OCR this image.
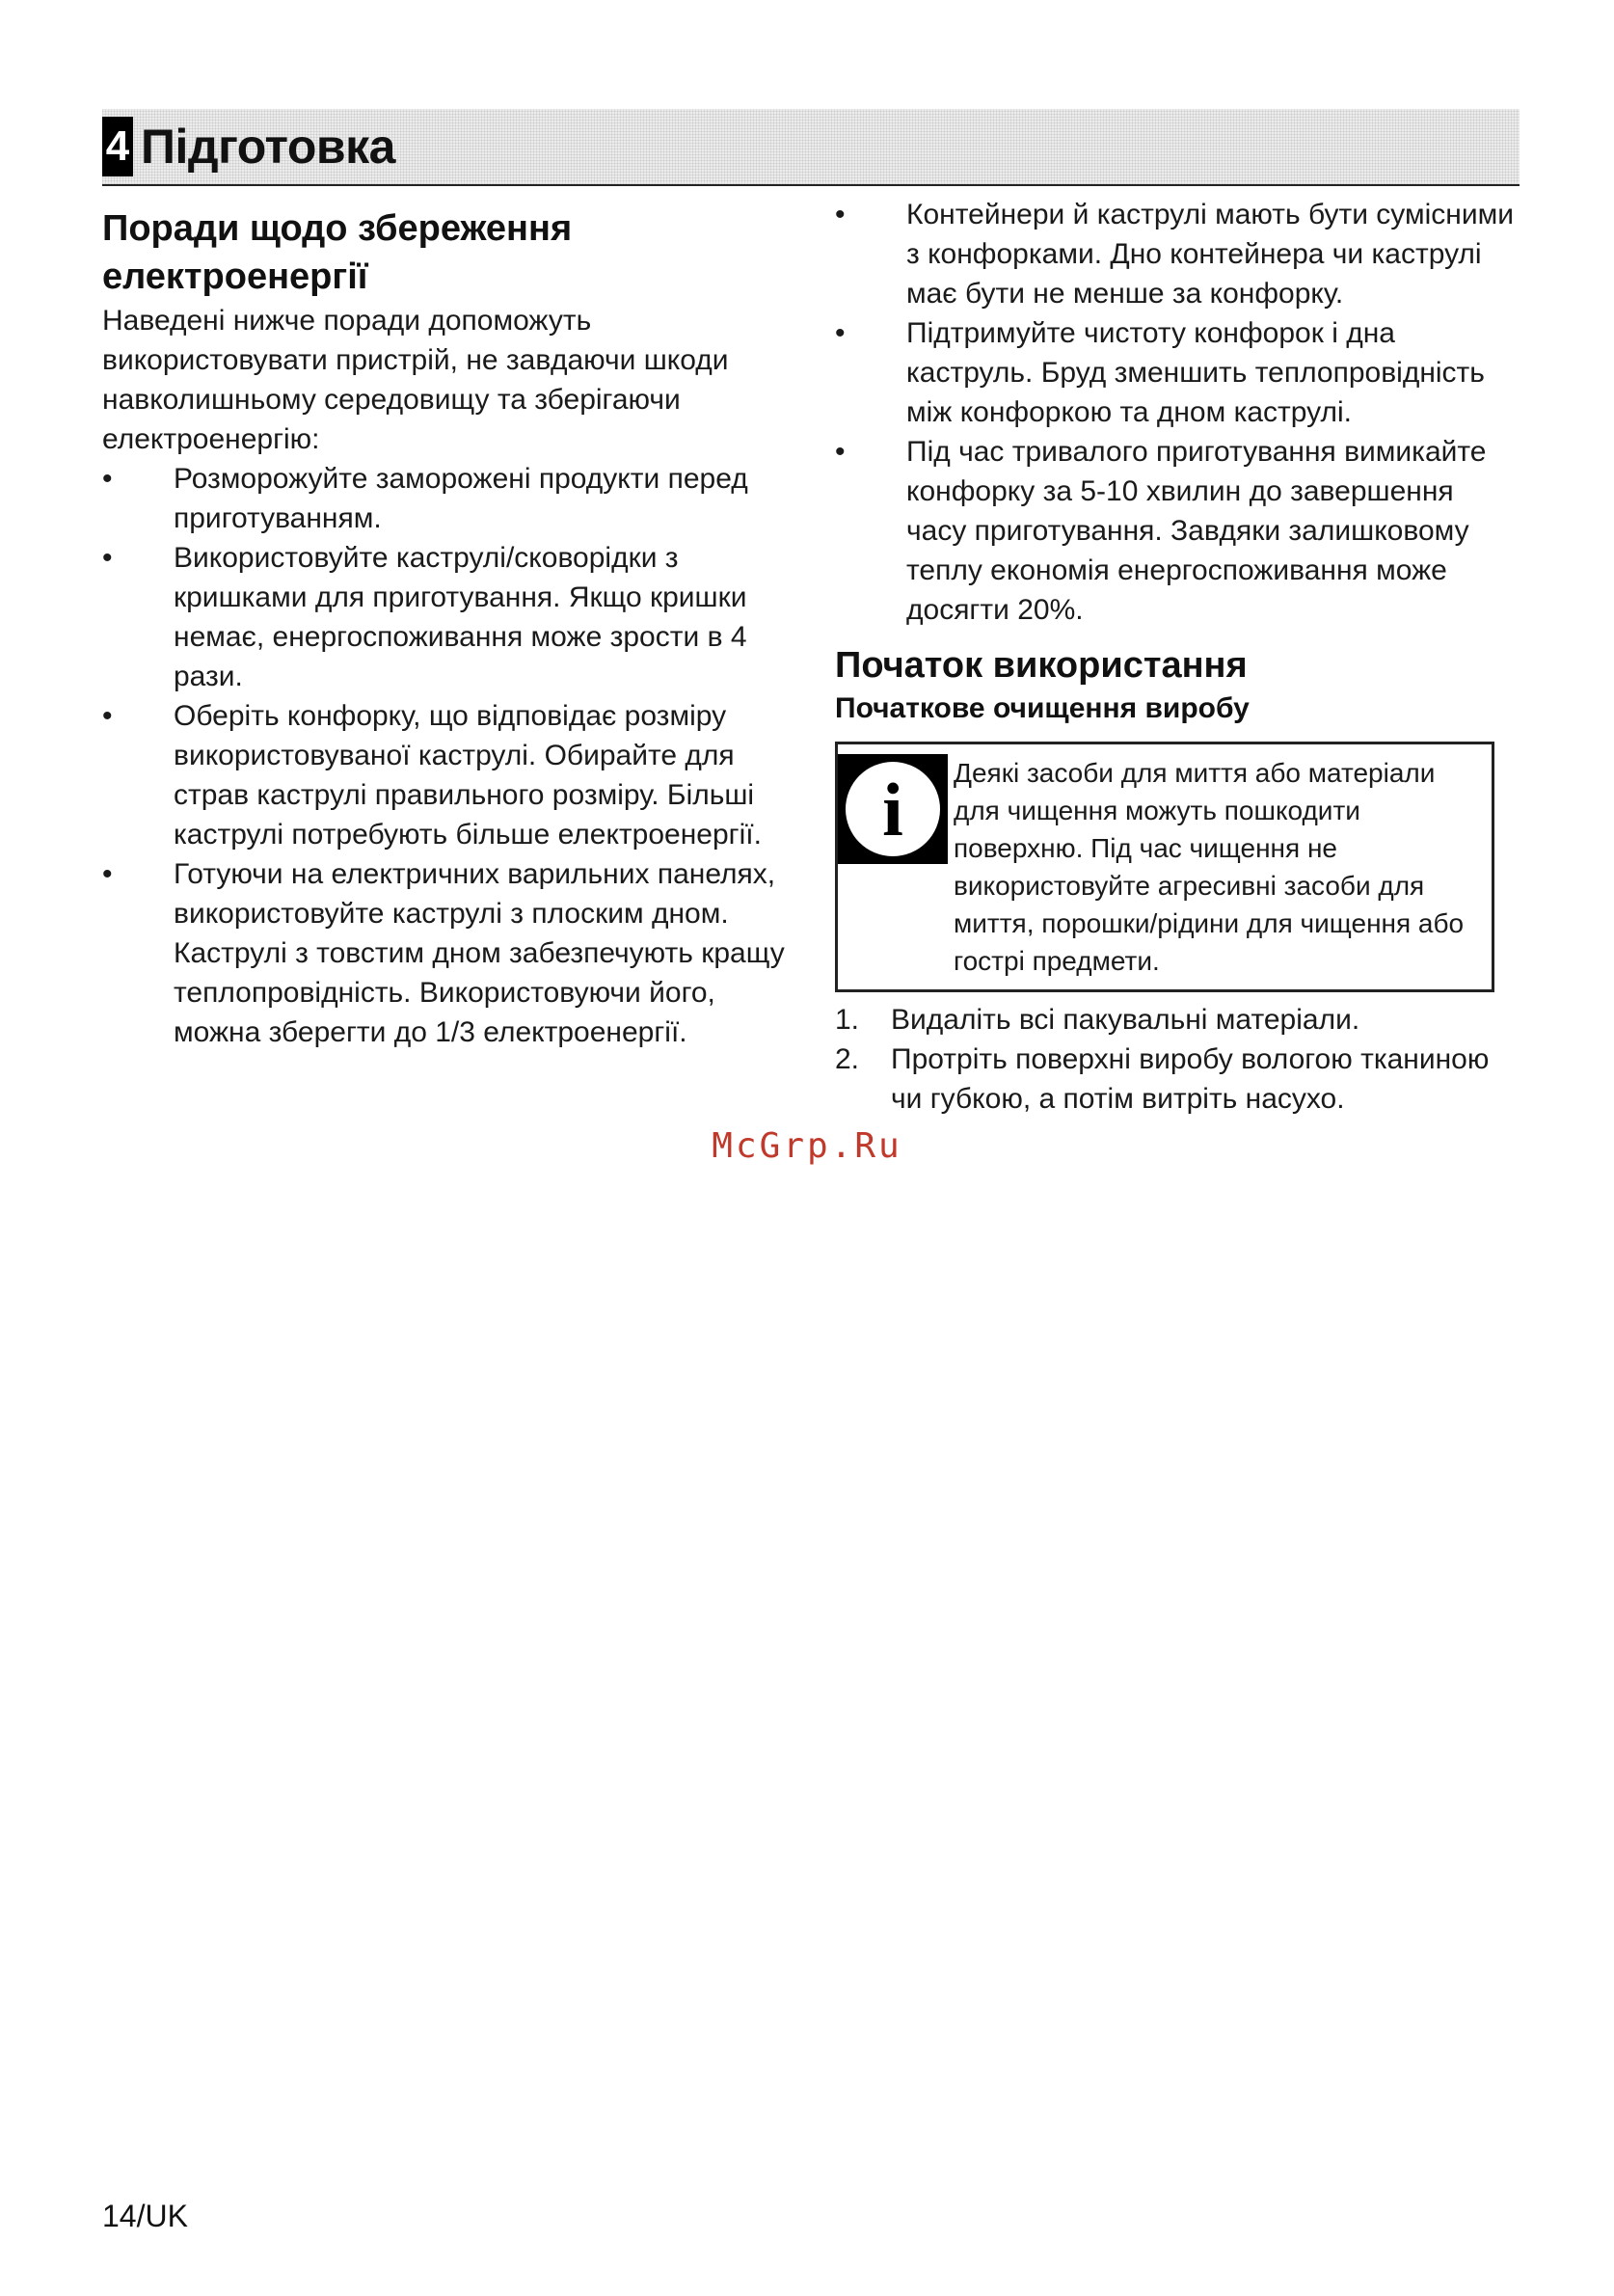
4 Підготовка
Поради щодо збереження
електроенергії

Наведені нижче поради допоможуть використовувати пристрій, не завдаючи шкоди навколишньому середовищу та зберігаючи електроенергію:

• Розморожуйте заморожені продукти перед приготуванням.
• Використовуйте каструлі/сковорідки з кришками для приготування. Якщо кришки немає, енергоспоживання може зрости в 4 рази.
• Оберіть конфорку, що відповідає розміру використовуваної каструлі. Обирайте для страв каструлі правильного розміру. Більші каструлі потребують більше електроенергії.
• Готуючи на електричних варильних панелях, використовуйте каструлі з плоским дном. Каструлі з товстим дном забезпечують кращу теплопровідність. Використовуючи його, можна зберегти до 1/3 електроенергії.
• Контейнери й каструлі мають бути сумісними з конфорками. Дно контейнера чи каструлі має бути не менше за конфорку.
• Підтримуйте чистоту конфорок і дна каструль. Бруд зменшить теплопровідність між конфоркою та дном каструлі.
• Під час тривалого приготування вимикайте конфорку за 5-10 хвилин до завершення часу приготування. Завдяки залишковому теплу економія енергоспоживання може досягти 20%.
Початок використання
Початкове очищення виробу
i Деякі засоби для миття або матеріали для чищення можуть пошкодити поверхню. Під час чищення не використовуйте агресивні засоби для миття, порошки/рідини для чищення або гострі предмети.

1. Видаліть всі пакувальні матеріали.
2. Протріть поверхні виробу вологою тканиною чи губкою, а потім витріть насухо.
McGrp.Ru
14/UK
